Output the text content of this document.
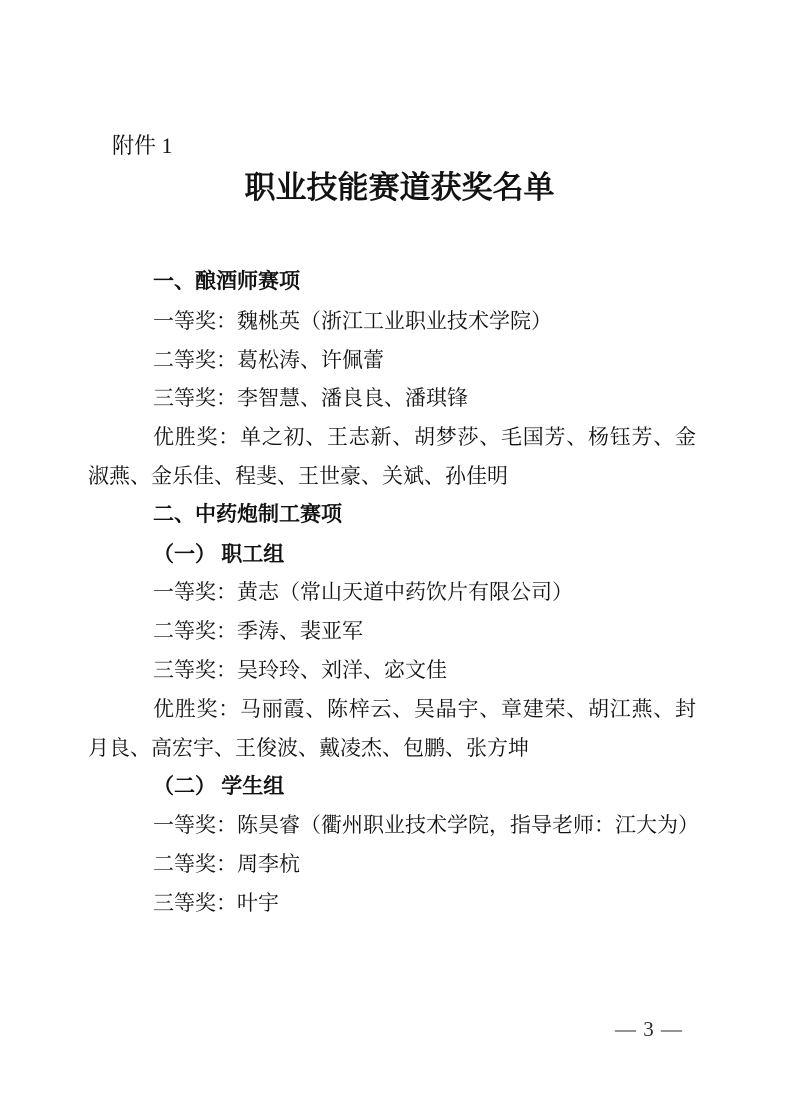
附件 1
职业技能赛道获奖名单

一、酿酒师赛项

一等奖：魏桃英（浙江工业职业技术学院）

二等奖：葛松涛、许佩蕾

三等奖：李智慧、潘良良、潘琪锋

优胜奖：单之初、王志新、胡梦莎、毛国芳、杨钰芳、金淑燕、金乐佳、程斐、王世豪、关斌、孙佳明

二、中药炮制工赛项

（一） 职工组

一等奖：黄志（常山天道中药饮片有限公司）

二等奖：季涛、裴亚军

三等奖：吴玲玲、刘洋、宓文佳

优胜奖：马丽霞、陈梓云、吴晶宇、章建荣、胡江燕、封月良、高宏宇、王俊波、戴凌杰、包鹏、张方坤

（二） 学生组

一等奖：陈昊睿（衢州职业技术学院，指导老师：江大为）

二等奖：周李杭

三等奖：叶宇

— 3 —
